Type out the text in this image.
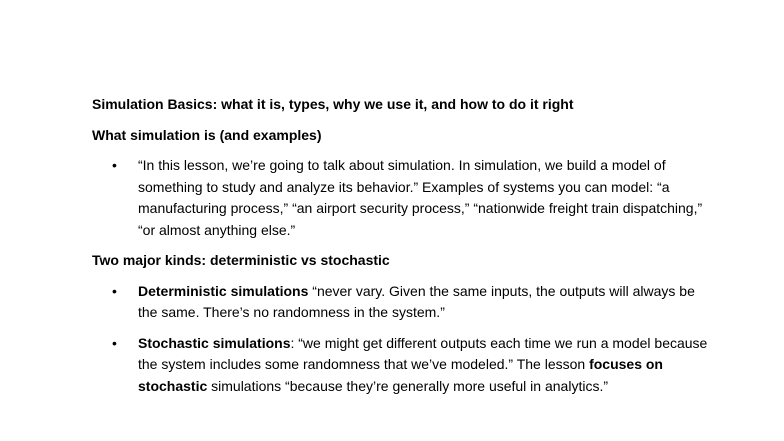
Simulation Basics: what it is, types, why we use it, and how to do it right

What simulation is (and examples)

• “In this lesson, we’re going to talk about simulation. In simulation, we build a model of something to study and analyze its behavior.” Examples of systems you can model: “a manufacturing process,” “an airport security process,” “nationwide freight train dispatching,” “or almost anything else.”

Two major kinds: deterministic vs stochastic

• Deterministic simulations “never vary. Given the same inputs, the outputs will always be the same. There’s no randomness in the system.”
• Stochastic simulations: “we might get different outputs each time we run a model because the system includes some randomness that we’ve modeled.” The lesson focuses on stochastic simulations “because they’re generally more useful in analytics.”
